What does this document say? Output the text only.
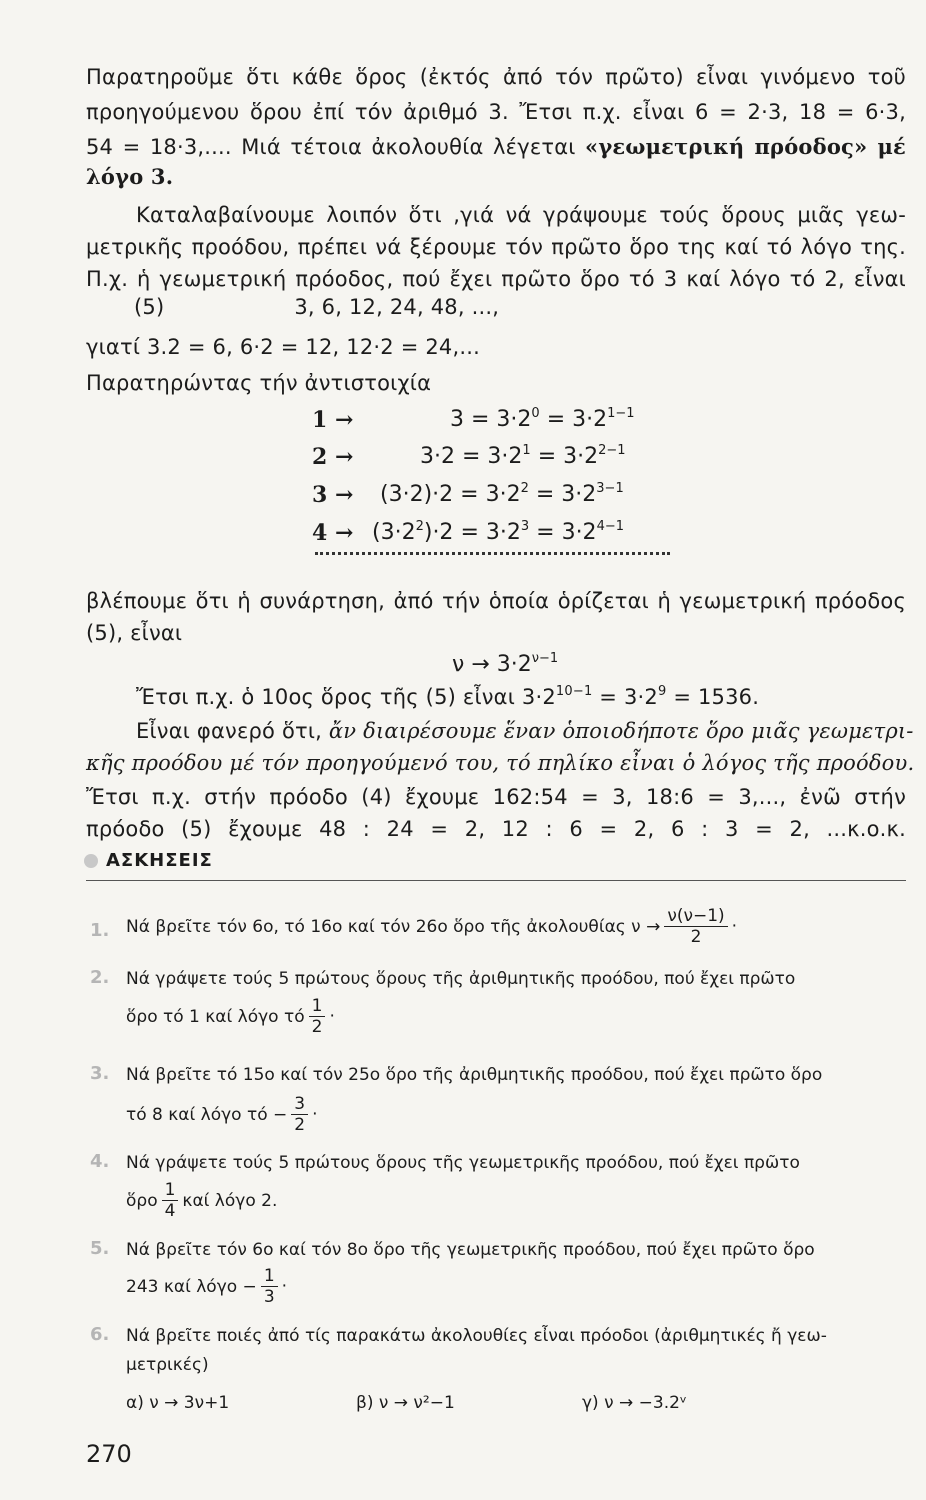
Παρατηροῦμε ὅτι κάθε ὅρος (ἐκτός ἀπό τόν πρῶτο) εἶναι γινόμενο τοῦ
προηγούμενου ὅρου ἐπί τόν ἀριθμό 3. Ἔτσι π.χ. εἶναι 6 = 2·3, 18 = 6·3,
54 = 18·3,.... Μιά τέτοια ἀκολουθία λέγεται «γεωμετρική πρόοδος» μέ
λόγο 3.
Καταλαβαίνουμε λοιπόν ὅτι ,γιά νά γράψουμε τούς ὅρους μιᾶς γεω-
μετρικῆς προόδου, πρέπει νά ξέρουμε τόν πρῶτο ὅρο της καί τό λόγο της.
Π.χ. ἡ γεωμετρική πρόοδος, πού ἔχει πρῶτο ὅρο τό 3 καί λόγο τό 2, εἶναι
(5)	3, 6, 12, 24, 48, ...,
γιατί 3.2 = 6, 6·2 = 12, 12·2 = 24,...
Παρατηρώντας τήν ἀντιστοιχία
1 →	$3 = 3\cdot 2^0 = 3\cdot 2^{1-1}$
2 →	$3\cdot 2 = 3\cdot 2^1 = 3\cdot 2^{2-1}$
$3 \to (3\cdot 2)\cdot 2 = 3\cdot 2^2 = 3\cdot 2^{3-1}$
$4 \to (3\cdot 2^2)\cdot 2 = 3\cdot 2^3 = 3\cdot 2^{4-1}$
βλέπουμε ὅτι ἡ συνάρτηση, ἀπό τήν ὁποία ὁρίζεται ἡ γεωμετρική πρόοδος
(5), εἶναι
$\nu \to 3\cdot 2^{\nu-1}$
Ἔτσι π.χ. ὁ 10ος ὅρος τῆς (5) εἶναι $3\cdot 2^{10-1} = 3\cdot 2^9 = 1536$.
Εἶναι φανερό ὅτι, ἄν διαιρέσουμε ἕναν ὁποιοδήποτε ὅρο μιᾶς γεωμετρι-
κῆς προόδου μέ τόν προηγούμενό του, τό πηλίκο εἶναι ὁ λόγος τῆς προόδου.
Ἔτσι π.χ. στήν πρόοδο (4) ἔχουμε 162:54 = 3, 18:6 = 3,..., ἐνῶ στήν
πρόοδο (5) ἔχουμε 48 : 24 = 2, 12 : 6 = 2, 6 : 3 = 2, ...κ.ο.κ.
ΑΣΚΗΣΕΙΣ
1. Νά βρεῖτε τόν 6ο, τό 16ο καί τόν 26ο ὅρο τῆς ἀκολουθίας $\nu \to \frac{\nu(\nu-1)}{2}$ ·
2. Νά γράψετε τούς 5 πρώτους ὅρους τῆς ἀριθμητικῆς προόδου, πού ἔχει πρῶτο
ὅρο τό 1 καί λόγο τό $\frac{1}{2}$ ·
3. Νά βρεῖτε τό 15ο καί τόν 25ο ὅρο τῆς ἀριθμητικῆς προόδου, πού ἔχει πρῶτο ὅρο
τό 8 καί λόγο $\tau ό - \frac{3}{2}$ ·
4. Νά γράψετε τούς 5 πρώτους ὅρους τῆς γεωμετρικῆς προόδου, πού ἔχει πρῶτο
ὅρο $\frac{1}{4}$ καί λόγο 2.
5. Νά βρεῖτε τόν 6ο καί τόν 8ο ὅρο τῆς γεωμετρικῆς προόδου, πού ἔχει πρῶτο ὅρο
243 καί $\lambda ό\gamma o - \frac{1}{3}$ ·
6. Νά βρεῖτε ποιές ἀπό τίς παρακάτω ἀκολουθίες εἶναι πρόοδοι (ἀριθμητικές ἤ γεω-
μετρικές)
α) ν → 3ν+1	β) ν → ν²−1	γ) ν → −3.2ᵛ
270
